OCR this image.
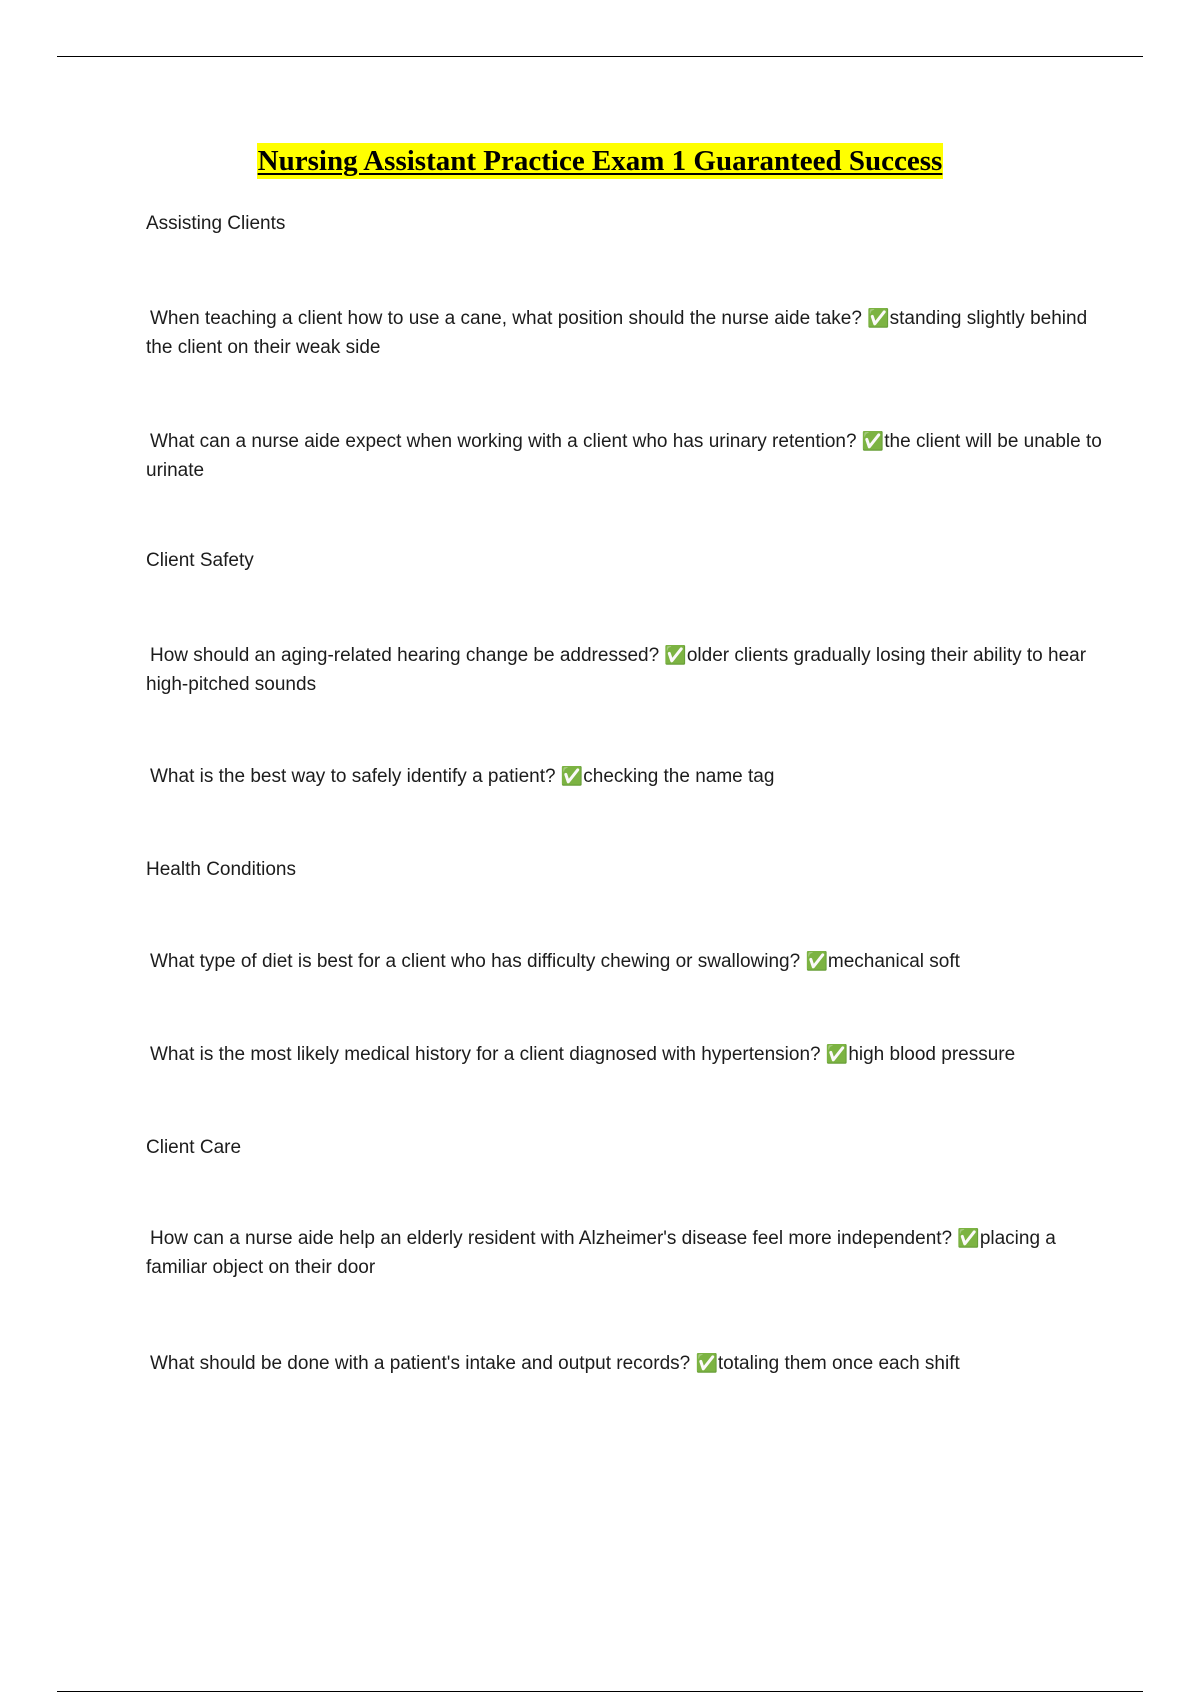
Nursing Assistant Practice Exam 1 Guaranteed Success

Assisting Clients

When teaching a client how to use a cane, what position should the nurse aide take? ✅standing slightly behind the client on their weak side

What can a nurse aide expect when working with a client who has urinary retention? ✅the client will be unable to urinate

Client Safety

How should an aging-related hearing change be addressed? ✅older clients gradually losing their ability to hear high-pitched sounds

What is the best way to safely identify a patient? ✅checking the name tag

Health Conditions

What type of diet is best for a client who has difficulty chewing or swallowing? ✅mechanical soft

What is the most likely medical history for a client diagnosed with hypertension? ✅high blood pressure

Client Care

How can a nurse aide help an elderly resident with Alzheimer's disease feel more independent? ✅placing a familiar object on their door

What should be done with a patient's intake and output records? ✅totaling them once each shift
